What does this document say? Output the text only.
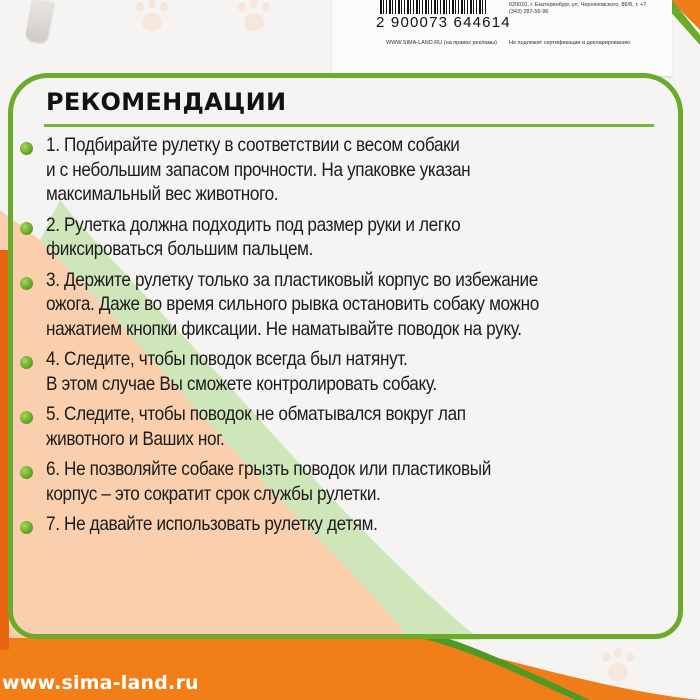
2 900073 644614
WWW.SIMA-LAND.RU (на правах рекламы)
620010, г. Екатеринбург, ул. Черняховского, 86/8, т. +7 (343) 287-56-96
Не подлежит сертификации и декларированию
РЕКОМЕНДАЦИИ
1. Подбирайте рулетку в соответствии с весом собаки
и с небольшим запасом прочности. На упаковке указан
максимальный вес животного.
2. Рулетка должна подходить под размер руки и легко
фиксироваться большим пальцем.
3. Держите рулетку только за пластиковый корпус во избежание
ожога. Даже во время сильного рывка остановить собаку можно
нажатием кнопки фиксации. Не наматывайте поводок на руку.
4. Следите, чтобы поводок всегда был натянут.
В этом случае Вы сможете контролировать собаку.
5. Следите, чтобы поводок не обматывался вокруг лап
животного и Ваших ног.
6. Не позволяйте собаке грызть поводок или пластиковый
корпус – это сократит срок службы рулетки.
7. Не давайте использовать рулетку детям.
www.sima-land.ru
